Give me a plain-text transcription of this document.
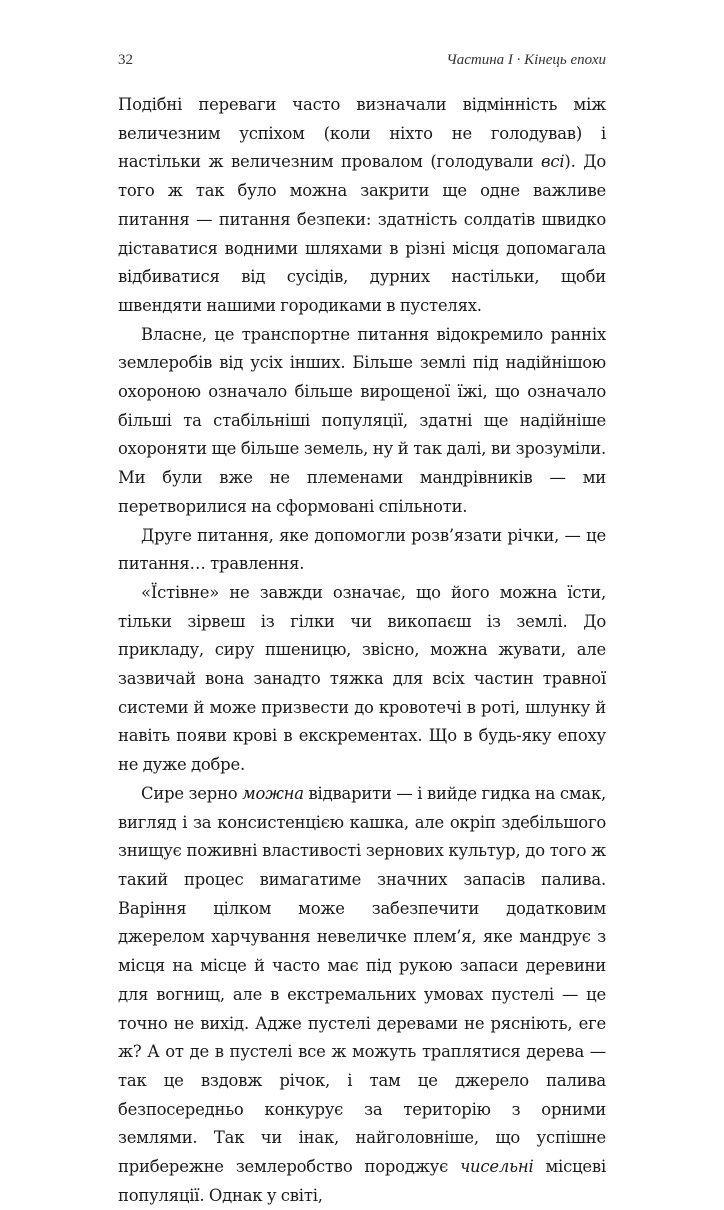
32	Частина I · Кінець епохи

Подібні переваги часто визначали відмінність між величезним успіхом (коли ніхто не голодував) і настільки ж величезним провалом (голодували всі). До того ж так було можна закрити ще одне важливе питання — питання безпеки: здатність солдатів швидко діставатися водними шляхами в різні місця допомагала відбиватися від сусідів, дурних настільки, щоби швендяти нашими городиками в пустелях.

Власне, це транспортне питання відокремило ранніх землеробів від усіх інших. Більше землі під надійнішою охороною означало більше вирощеної їжі, що означало більші та стабільніші популяції, здатні ще надійніше охороняти ще більше земель, ну й так далі, ви зрозуміли. Ми були вже не племенами мандрівників — ми перетворилися на сформовані спільноти.

Друге питання, яке допомогли розв’язати річки, — це питання… травлення.

«Їстівне» не завжди означає, що його можна їсти, тільки зірвеш із гілки чи викопаєш із землі. До прикладу, сиру пшеницю, звісно, можна жувати, але зазвичай вона занадто тяжка для всіх частин травної системи й може призвести до кровотечі в роті, шлунку й навіть появи крові в екскрементах. Що в будь-яку епоху не дуже добре.

Сире зерно можна відварити — і вийде гидка на смак, вигляд і за консистенцією кашка, але окріп здебільшого знищує поживні властивості зернових культур, до того ж такий процес вимагатиме значних запасів палива. Варіння цілком може забезпечити додатковим джерелом харчування невеличке плем’я, яке мандрує з місця на місце й часто має під рукою запаси деревини для вогнищ, але в екстремальних умовах пустелі — це точно не вихід. Адже пустелі деревами не рясніють, еге ж? А от де в пустелі все ж можуть траплятися дерева — так це вздовж річок, і там це джерело палива безпосередньо конкурує за територію з орними землями. Так чи інак, найголовніше, що успішне прибережне землеробство породжує чисельні місцеві популяції. Однак у світі,
